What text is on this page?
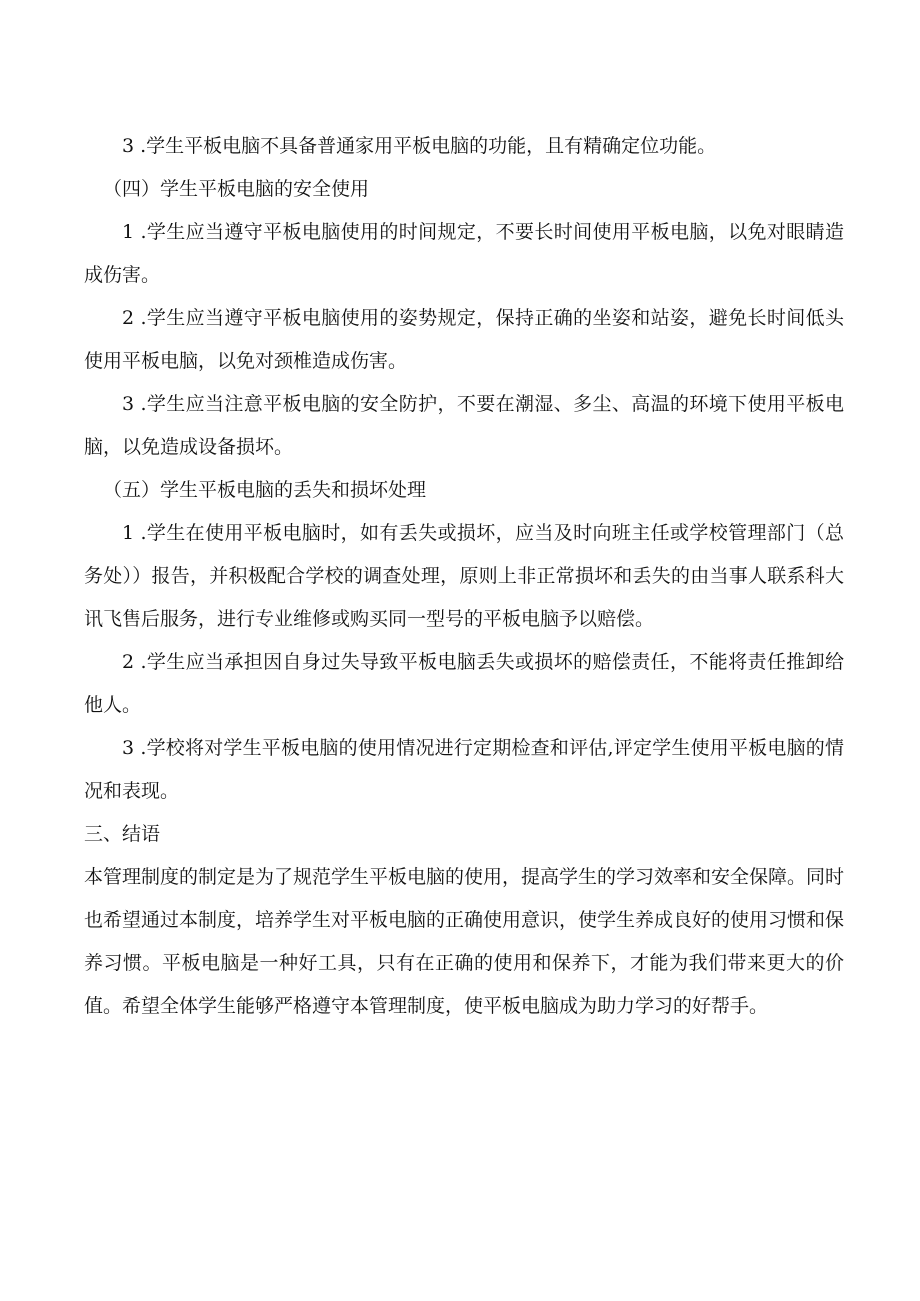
3 .学生平板电脑不具备普通家用平板电脑的功能，且有精确定位功能。

（四）学生平板电脑的安全使用

1 .学生应当遵守平板电脑使用的时间规定，不要长时间使用平板电脑，以免对眼睛造成伤害。

2 .学生应当遵守平板电脑使用的姿势规定，保持正确的坐姿和站姿，避免长时间低头使用平板电脑，以免对颈椎造成伤害。

3 .学生应当注意平板电脑的安全防护，不要在潮湿、多尘、高温的环境下使用平板电脑，以免造成设备损坏。

（五）学生平板电脑的丢失和损坏处理

1 .学生在使用平板电脑时，如有丢失或损坏，应当及时向班主任或学校管理部门（总务处））报告，并积极配合学校的调查处理，原则上非正常损坏和丢失的由当事人联系科大讯飞售后服务，进行专业维修或购买同一型号的平板电脑予以赔偿。

2 .学生应当承担因自身过失导致平板电脑丢失或损坏的赔偿责任，不能将责任推卸给他人。

3 .学校将对学生平板电脑的使用情况进行定期检查和评估,评定学生使用平板电脑的情况和表现。

三、结语

本管理制度的制定是为了规范学生平板电脑的使用，提高学生的学习效率和安全保障。同时也希望通过本制度，培养学生对平板电脑的正确使用意识，使学生养成良好的使用习惯和保养习惯。平板电脑是一种好工具，只有在正确的使用和保养下，才能为我们带来更大的价值。希望全体学生能够严格遵守本管理制度，使平板电脑成为助力学习的好帮手。
